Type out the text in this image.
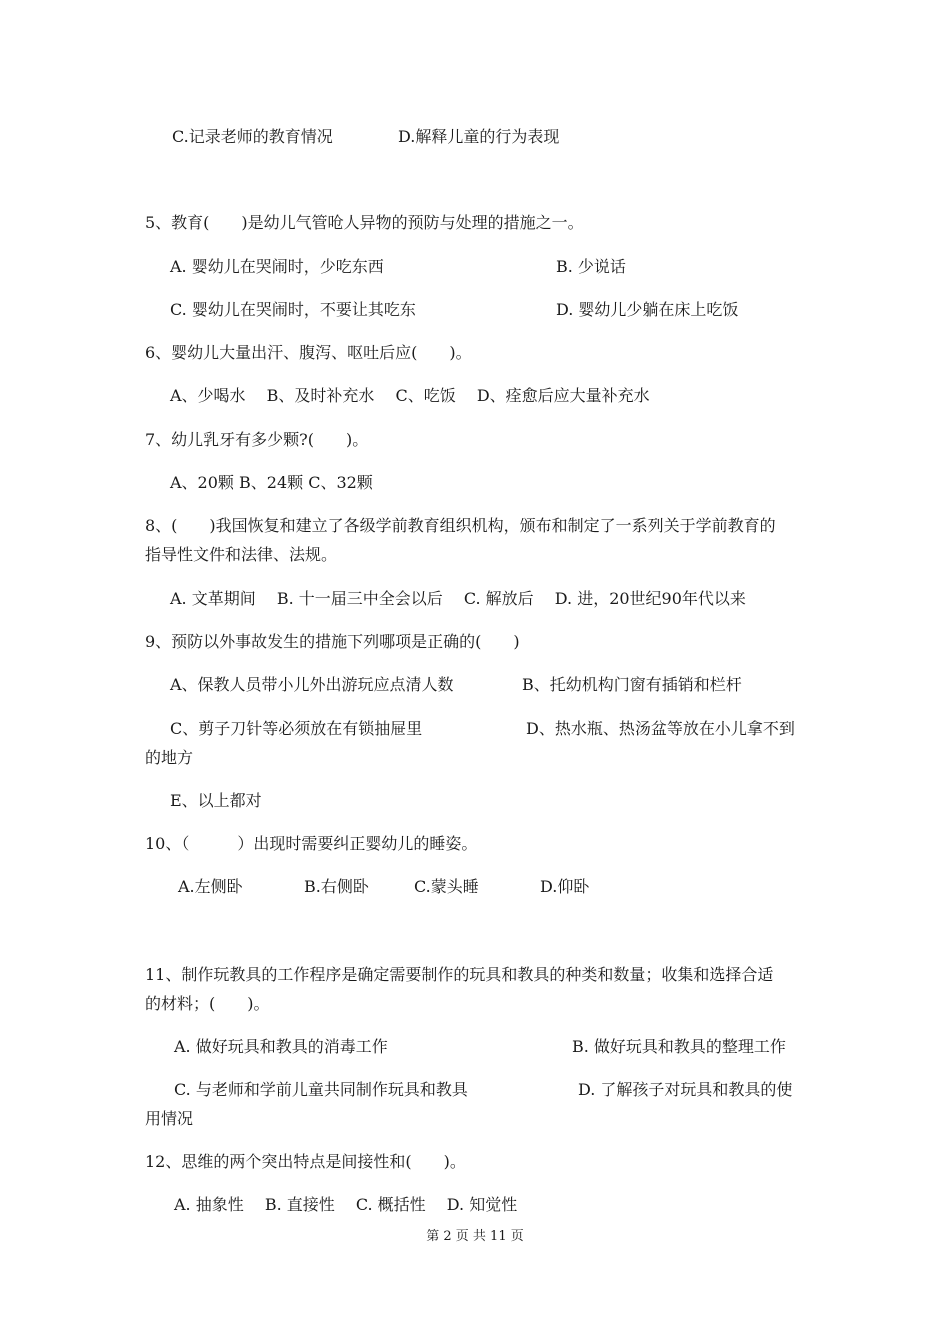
C.记录老师的教育情况	D.解释儿童的行为表现
5、教育(　　)是幼儿气管呛人异物的预防与处理的措施之一。
A. 婴幼儿在哭闹时，少吃东西	B. 少说话
C. 婴幼儿在哭闹时，不要让其吃东	D. 婴幼儿少躺在床上吃饭
6、婴幼儿大量出汗、腹泻、呕吐后应(　　)。
A、少喝水　 B、及时补充水　 C、吃饭　 D、痊愈后应大量补充水
7、幼儿乳牙有多少颗?(　　)。
A、20颗 B、24颗 C、32颗
8、(　　)我国恢复和建立了各级学前教育组织机构，颁布和制定了一系列关于学前教育的
指导性文件和法律、法规。
A. 文革期间　 B. 十一届三中全会以后　 C. 解放后　 D. 进，20世纪90年代以来
9、预防以外事故发生的措施下列哪项是正确的(　　)
A、保教人员带小儿外出游玩应点清人数	B、托幼机构门窗有插销和栏杆
C、剪子刀针等必须放在有锁抽屉里	D、热水瓶、热汤盆等放在小儿拿不到
的地方
E、以上都对
10、（　　　）出现时需要纠正婴幼儿的睡姿。
A.左侧卧	B.右侧卧	C.蒙头睡	D.仰卧
11、制作玩教具的工作程序是确定需要制作的玩具和教具的种类和数量；收集和选择合适
的材料；(　　)。
A. 做好玩具和教具的消毒工作	B. 做好玩具和教具的整理工作
C. 与老师和学前儿童共同制作玩具和教具	D. 了解孩子对玩具和教具的使
用情况
12、思维的两个突出特点是间接性和(　　)。
A. 抽象性　 B. 直接性　 C. 概括性　 D. 知觉性
第 2 页 共 11 页
